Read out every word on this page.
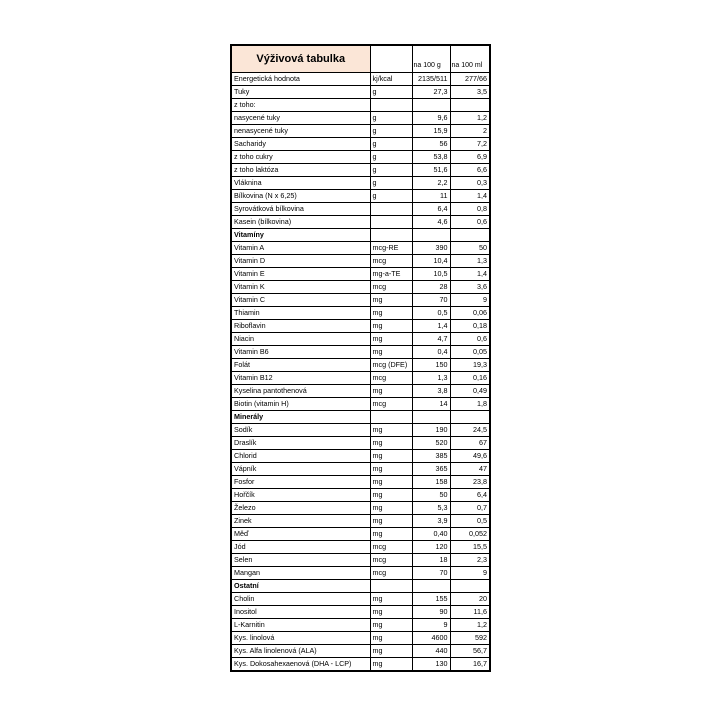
Výživová tabulka		na 100 g	na 100 ml
Energetická hodnota	kj/kcal	2135/511	277/66
Tuky	g	27,3	3,5
z toho:			
nasycené tuky	g	9,6	1,2
nenasycené tuky	g	15,9	2
Sacharidy	g	56	7,2
z toho cukry	g	53,8	6,9
z toho laktóza	g	51,6	6,6
Vláknina	g	2,2	0,3
Bílkovina (N x 6,25)	g	11	1,4
Syrovátková bílkovina		6,4	0,8
Kasein (bílkovina)		4,6	0,6
Vitamíny			
Vitamin A	mcg-RE	390	50
Vitamin D	mcg	10,4	1,3
Vitamin E	mg-a-TE	10,5	1,4
Vitamin K	mcg	28	3,6
Vitamin C	mg	70	9
Thiamin	mg	0,5	0,06
Riboflavin	mg	1,4	0,18
Niacin	mg	4,7	0,6
Vitamin B6	mg	0,4	0,05
Folát	mcg (DFE)	150	19,3
Vitamin B12	mcg	1,3	0,16
Kyselina pantothenová	mg	3,8	0,49
Biotin (vitamin H)	mcg	14	1,8
Minerály			
Sodík	mg	190	24,5
Draslík	mg	520	67
Chlorid	mg	385	49,6
Vápník	mg	365	47
Fosfor	mg	158	23,8
Hořčík	mg	50	6,4
Železo	mg	5,3	0,7
Zinek	mg	3,9	0,5
Měď	mg	0,40	0,052
Jód	mcg	120	15,5
Selen	mcg	18	2,3
Mangan	mcg	70	9
Ostatní			
Cholin	mg	155	20
Inositol	mg	90	11,6
L-Karnitin	mg	9	1,2
Kys. linolová	mg	4600	592
Kys. Alfa linolenová (ALA)	mg	440	56,7
Kys. Dokosahexaenová (DHA - LCP)	mg	130	16,7
